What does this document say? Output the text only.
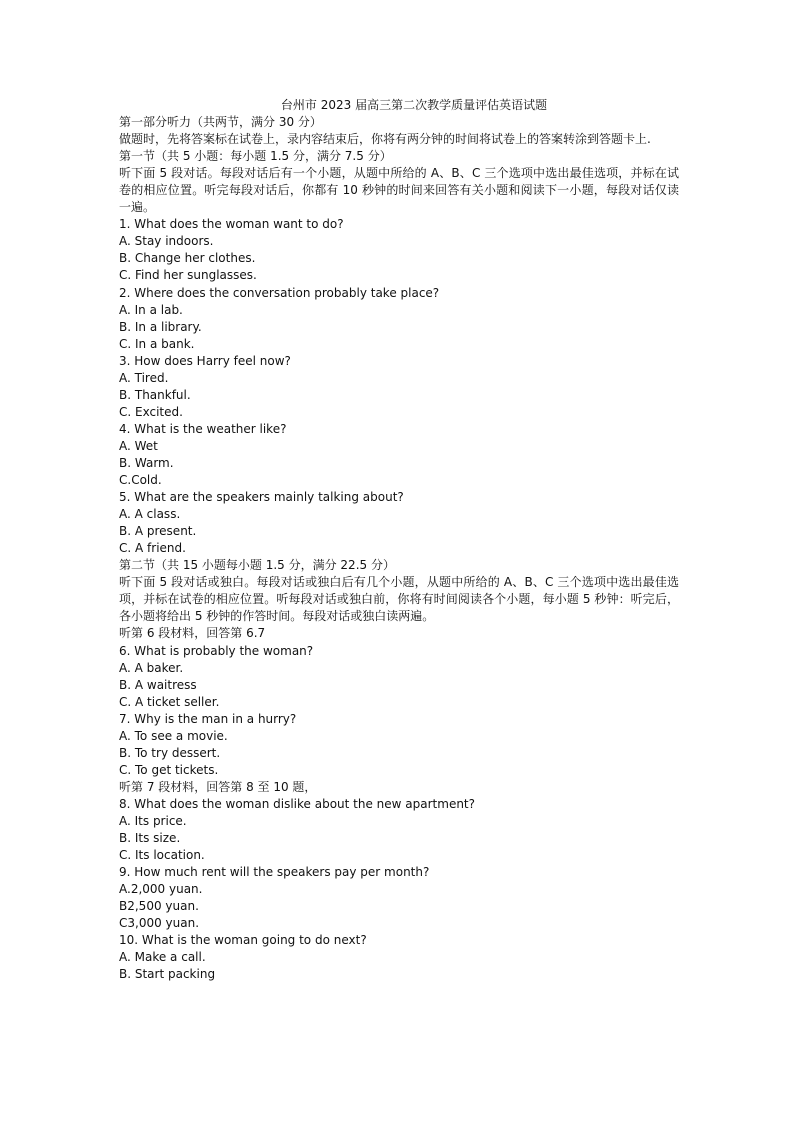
台州市 2023 届高三第二次教学质量评估英语试题
第一部分听力（共两节，满分 30 分）
做题时，先将答案标在试卷上，录内容结束后，你将有两分钟的时间将试卷上的答案转涂到答题卡上.
第一节（共 5 小题：每小题 1.5 分，满分 7.5 分）
听下面 5 段对话。每段对话后有一个小题，从题中所给的 A、B、C 三个选项中选出最佳选项，并标在试卷的相应位置。听完每段对话后，你都有 10 秒钟的时间来回答有关小题和阅读下一小题，每段对话仅读一遍。
1. What does the woman want to do?
A. Stay indoors.
B. Change her clothes.
C. Find her sunglasses.
2. Where does the conversation probably take place?
A. In a lab.
B. In a library.
C. In a bank.
3. How does Harry feel now?
A. Tired.
B. Thankful.
C. Excited.
4. What is the weather like?
A. Wet
B. Warm.
C.Cold.
5. What are the speakers mainly talking about?
A. A class.
B. A present.
C. A friend.
第二节（共 15 小题每小题 1.5 分，满分 22.5 分）
听下面 5 段对话或独白。每段对话或独白后有几个小题，从题中所给的 A、B、C 三个选项中选出最佳选项，并标在试卷的相应位置。听每段对话或独白前，你将有时间阅读各个小题，每小题 5 秒钟：听完后，各小题将给出 5 秒钟的作答时间。每段对话或独白读两遍。
听第 6 段材料，回答第 6.7
6. What is probably the woman?
A. A baker.
B. A waitress
C. A ticket seller.
7. Why is the man in a hurry?
A. To see a movie.
B. To try dessert.
C. To get tickets.
听第 7 段材料，回答第 8 至 10 题，
8. What does the woman dislike about the new apartment?
A. Its price.
B. Its size.
C. Its location.
9. How much rent will the speakers pay per month?
A.2,000 yuan.
B2,500 yuan.
C3,000 yuan.
10. What is the woman going to do next?
A. Make a call.
B. Start packing
